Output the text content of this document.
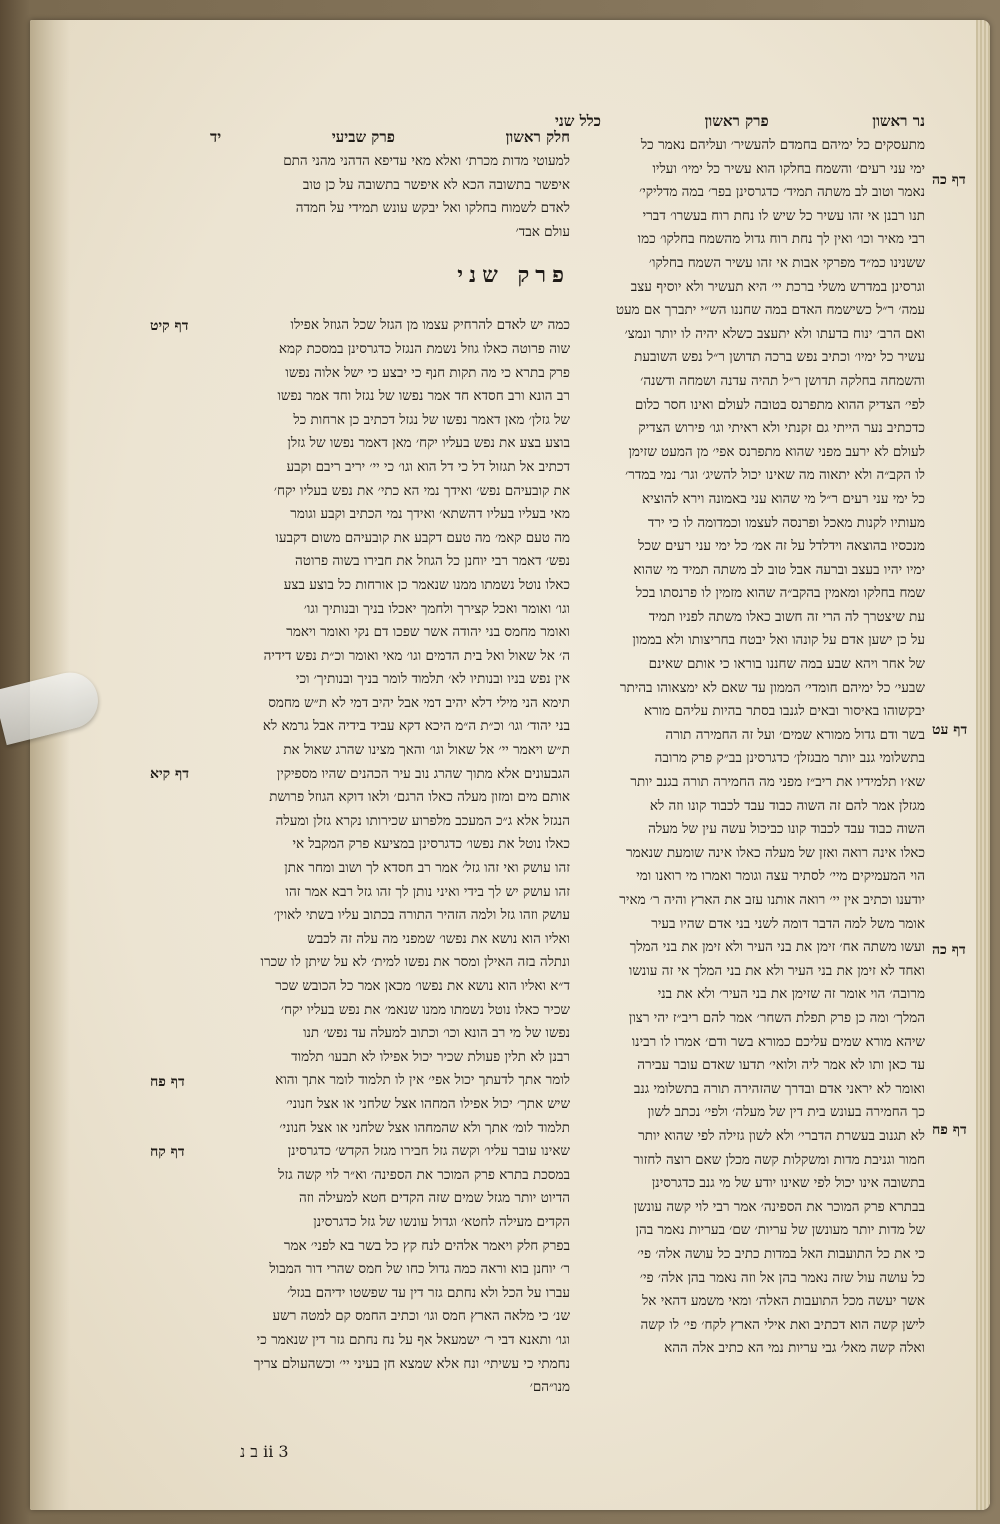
נר ראשון
פרק ראשון
כלל שני
מתעסקים כל ימיהם בחמדם להעשיר׳ ועליהם נאמר כל
ימי עני רעים׳ והשמח בחלקו הוא עשיר כל ימיו׳ ועליו
נאמר וטוב לב משתה תמיד׳ כדגרסינן בפר׳ במה מדליקי׳
תנו רבנן אי זהו עשיר כל שיש לו נחת רוח בעשרו׳ דברי
רבי מאיר וכו׳ ואין לך נחת רוח גדול מהשמח בחלקו׳ כמו
ששנינו כמ״ד מפרקי אבות אי זהו עשיר השמח בחלקו׳
וגרסינן במדרש משלי ברכת יי׳ היא תעשיר ולא יוסיף עצב
עמה׳ ר״ל כשישמח האדם במה שחננו הש״י יתברך אם מעט
ואם הרב׳ ינוח בדעתו ולא יתעצב כשלא יהיה לו יותר ונמצ׳
עשיר כל ימיו׳ וכתיב נפש ברכה תדושן ר״ל נפש השובעת
והשמחה בחלקה תדושן ר״ל תהיה עדנה ושמחה ודשנה׳
לפי׳ הצדיק ההוא מתפרנס בטובה לעולם ואינו חסר כלום
כדכתיב נער הייתי גם זקנתי ולא ראיתי וגו׳ פירוש הצדיק
לעולם לא ירעב מפני שהוא מתפרנס אפי׳ מן המעט שזימן
לו הקב״ה ולא יתאוה מה שאינו יכול להשיג׳ וגר׳ נמי במדר׳
כל ימי עני רעים ר״ל מי שהוא עני באמונה וירא להוציא
מעותיו לקנות מאכל ופרנסה לעצמו וכמדומה לו כי ירד
מנכסיו בהוצאה וידלדל על זה אמ׳ כל ימי עני רעים שכל
ימיו יהיו בעצב וברעה אבל טוב לב משתה תמיד מי שהוא
שמח בחלקו ומאמין בהקב״ה שהוא מזמין לו פרנסתו בכל
עת שיצטרך לה הרי זה חשוב כאלו משתה לפניו תמיד
על כן ישען אדם על קונהו ואל יבטח בחריצותו ולא בממון
של אחר ויהא שבע במה שחננו בוראו כי אותם שאינם
שבעי׳ כל ימיהם חומדי׳ הממון עד שאם לא ימצאוהו בהיתר
יבקשוהו באיסור ובאים לגנבו בסתר בהיות עליהם מורא
בשר ודם גדול ממורא שמים׳ ועל זה החמירה תורה
בתשלומי גנב יותר מבגזלן׳ כדגרסינן בב״ק פרק מרובה
שא׳ו תלמידיו את ריב״ז מפני מה החמירה תורה בגנב יותר
מגזלן אמר להם זה השוה כבוד עבד לכבוד קונו וזה לא
השוה כבוד עבד לכבוד קונו כביכול עשה עין של מעלה
כאלו אינה רואה ואזן של מעלה כאלו אינה שומעת שנאמר
הוי המעמיקים מיי׳ לסתיר עצה וגומר ואמרו מי רואנו ומי
יודענו וכתיב אין יי׳ רואה אותנו עזב את הארץ והיה ר׳ מאיר
אומר משל למה הדבר דומה לשני בני אדם שהיו בעיר
ועשו משתה אח׳ זימן את בני העיר ולא זימן את בני המלך
ואחד לא זימן את בני העיר ולא את בני המלך אי זה עונשו
מרובה׳ הוי אומר זה שזימן את בני העיר׳ ולא את בני
המלך׳ ומה כן פרק תפלת השחר׳ אמר להם ריב״ז יהי רצון
שיהא מורא שמים עליכם כמורא בשר ודם׳ אמרו לו רבינו
עד כאן ותו לא אמר ליה ולואי׳ תדעו שאדם עובר עבירה
ואומר לא יראני אדם ובדרך שהזהירה תורה בתשלומי גנב
כך החמירה בעונש בית דין של מעלה׳ ולפי׳ נכתב לשון
לא תגנוב בעשרת הדברי׳ ולא לשון גזילה לפי שהוא יותר
חמור וגניבת מדות ומשקלות קשה מכלן שאם רוצה לחזור
בתשובה אינו יכול לפי שאינו יודע של מי גנב כדגרסינן
בבתרא פרק המוכר את הספינה׳ אמר רבי לוי קשה עונשן
של מדות יותר מעונשן של עריות׳ שם׳ בעריות נאמר בהן
כי את כל התועבות האל במדות כתיב כל עושה אלה׳ פי׳
כל עושה עול שזה נאמר בהן אל וזה נאמר בהן אלה׳ פי׳
אשר יעשה מכל התועבות האלה׳ ומאי משמע דהאי אל
לישן קשה הוא דכתיב ואת אילי הארץ לקח׳ פי׳ לו קשה
ואלה קשה מאל׳ גבי עריות נמי הא כתיב אלה ההא
חלק ראשון
פרק שביעי
יד
למעוטי מדות מכרת׳ ואלא מאי עדיפא הדהני מהני התם
איפשר בתשובה הכא לא איפשר בתשובה על כן טוב
לאדם לשמוח בחלקו ואל יבקש עונש תמידי על חמדה
עולם אבד׳
פרק שני
כמה יש לאדם להרחיק עצמו מן הגזל שכל הגוזל אפילו
שוה פרוטה כאלו גוזל נשמת הנגזל כדגרסינן במסכת קמא
פרק בתרא כי מה תקות חנף כי יבצע כי ישל אלוה נפשו
רב הונא ורב חסדא חד אמר נפשו של נגזל וחד אמר נפשו
של גזלן׳ מאן דאמר נפשו של נגזל דכתיב כן ארחות כל
בוצע בצע את נפש בעליו יקח׳ מאן דאמר נפשו של גזלן
דכתיב אל תגזול דל כי דל הוא וגו׳ כי יי׳ יריב ריבם וקבע
את קובעיהם נפש׳ ואידך נמי הא כתי׳ את נפש בעליו יקח׳
מאי בעליו בעליו דהשתא׳ ואידך נמי הכתיב וקבע וגומר
מה טעם קאמ׳ מה טעם דקבע את קובעיהם משום דקבעו
נפש׳ דאמר רבי יוחנן כל הגוזל את חבירו בשוה פרוטה
כאלו נוטל נשמתו ממנו שנאמר כן אורחות כל בוצע בצע
וגו׳ ואומר ואכל קצירך ולחמך יאכלו בניך ובנותיך וגו׳
ואומר מחמס בני יהודה אשר שפכו דם נקי ואומר ויאמר
ה׳ אל שאול ואל בית הדמים וגו׳ מאי ואומר וכ״ת נפש דידיה
אין נפש בניו ובנותיו לא׳ תלמוד לומר בניך ובנותיך׳ וכי
תימא הני מילי דלא יהיב דמי אבל יהיב דמי לא ת״ש מחמס
בני יהוד׳ וגו׳ וכ״ת ה״מ היכא דקא עביד בידיה אבל גרמא לא
ת״ש ויאמר יי׳ אל שאול וגו׳ והאך מצינו שהרג שאול את
הגבעונים אלא מתוך שהרג נוב עיר הכהנים שהיו מספיקין
אותם מים ומזון מעלה כאלו הרגם׳ ולאו דוקא הגוזל פרושת
הנגזל אלא ג״כ המעכב מלפרוע שכירותו נקרא גזלן ומעלה
כאלו נוטל את נפשו׳ כדגרסינן במציעא פרק המקבל אי
זהו עושק ואי זהו גזל׳ אמר רב חסדא לך ושוב ומחר אתן
זהו עושק יש לך בידי ואיני נותן לך זהו גזל רבא אמר זהו
עושק וזהו גזל ולמה הזהיר התורה בכתוב עליו בשתי לאוין׳
ואליו הוא נושא את נפשו׳ שמפני מה עלה זה לכבש
ונתלה בזה האילן ומסר את נפשו למית׳ לא על שיתן לו שכרו
ד״א ואליו הוא נושא את נפשו׳ מכאן אמר כל הכובש שכר
שכיר כאלו נוטל נשמתו ממנו שנאמ׳ את נפש בעליו יקח׳
נפשו של מי רב הונא וכו׳ וכתוב למעלה עד נפש׳ תנו
רבנן לא תלין פעולת שכיר יכול אפילו לא תבעו׳ תלמוד
לומר אתך לדעתך יכול אפי׳ אין לו תלמוד לומר אתך והוא
שיש אתך׳ יכול אפילו המחהו אצל שלחני או אצל חנוני׳
תלמוד לומ׳ אתך ולא שהמחהו אצל שלחני או אצל חנוני׳
שאינו עובר עליו׳ וקשה גזל חבירו מגזל הקדש׳ כדגרסינן
במסכת בתרא פרק המוכר את הספינה׳ וא״ר לוי קשה גזל
הדיוט יותר מגזל שמים שזה הקדים חטא למעילה וזה
הקדים מעילה לחטא׳ וגדול עונשו של גזל כדגרסינן
בפרק חלק ויאמר אלהים לנח קץ כל בשר בא לפני׳ אמר
ר׳ יוחנן בוא וראה כמה גדול כחו של חמס שהרי דור המבול
עברו על הכל ולא נחתם גזר דין עד שפשטו ידיהם בגזל׳
שנ׳ כי מלאה הארץ חמס וגו׳ וכתיב החמס קם למטה רשע
וגו׳ ותאנא דבי ר׳ ישמעאל אף על נח נחתם גזר דין שנאמר כי
נחמתי כי עשיתי׳ ונח אלא שמצא חן בעיני יי׳ וכשהעולם צריך
מנו״הם׳
דף כה
דף עט
דף כה
דף פח
דף קיט
דף קיא
דף פח
דף קח
ii 3 ב נ
